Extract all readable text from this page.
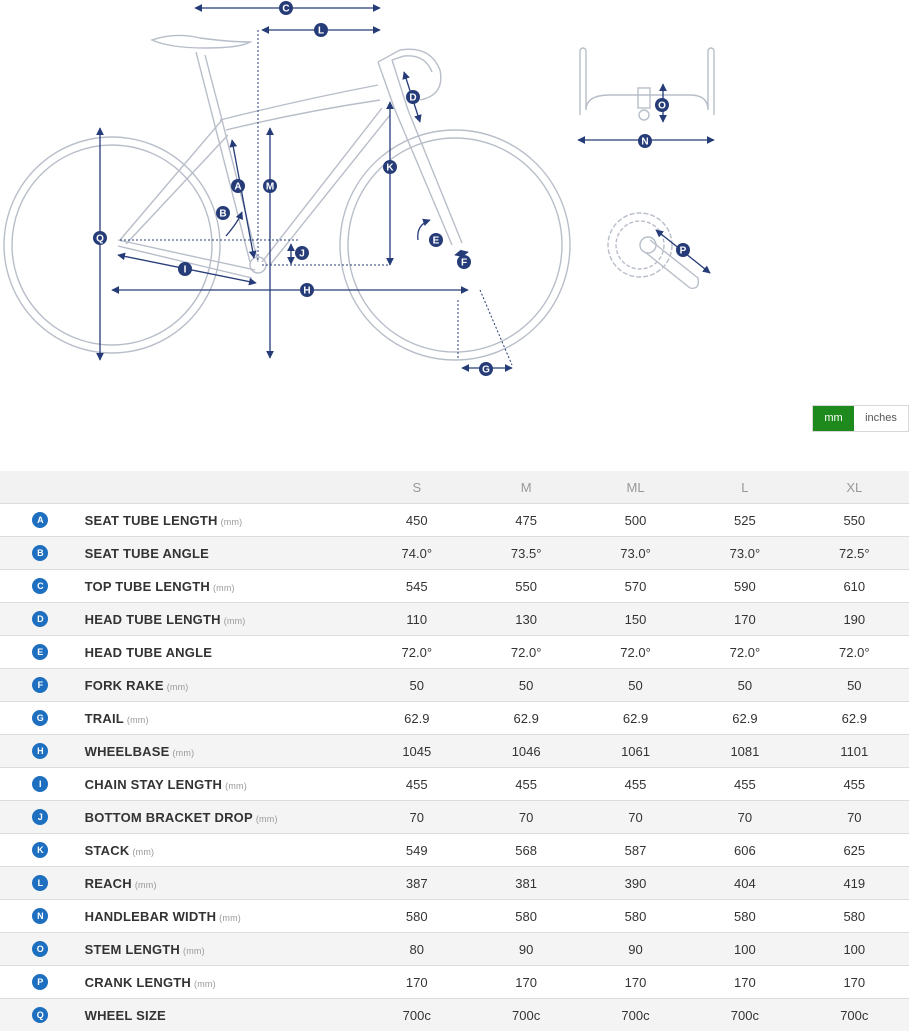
A
B
C
D
E
F
G
H
I
J
K
L
M
N
O
P
Q
mm	inches
		S	M	ML	L	XL
A	SEAT TUBE LENGTH (mm)	450	475	500	525	550
B	SEAT TUBE ANGLE	74.0°	73.5°	73.0°	73.0°	72.5°
C	TOP TUBE LENGTH (mm)	545	550	570	590	610
D	HEAD TUBE LENGTH (mm)	110	130	150	170	190
E	HEAD TUBE ANGLE	72.0°	72.0°	72.0°	72.0°	72.0°
F	FORK RAKE (mm)	50	50	50	50	50
G	TRAIL (mm)	62.9	62.9	62.9	62.9	62.9
H	WHEELBASE (mm)	1045	1046	1061	1081	1101
I	CHAIN STAY LENGTH (mm)	455	455	455	455	455
J	BOTTOM BRACKET DROP (mm)	70	70	70	70	70
K	STACK (mm)	549	568	587	606	625
L	REACH (mm)	387	381	390	404	419
N	HANDLEBAR WIDTH (mm)	580	580	580	580	580
O	STEM LENGTH (mm)	80	90	90	100	100
P	CRANK LENGTH (mm)	170	170	170	170	170
Q	WHEEL SIZE	700c	700c	700c	700c	700c
